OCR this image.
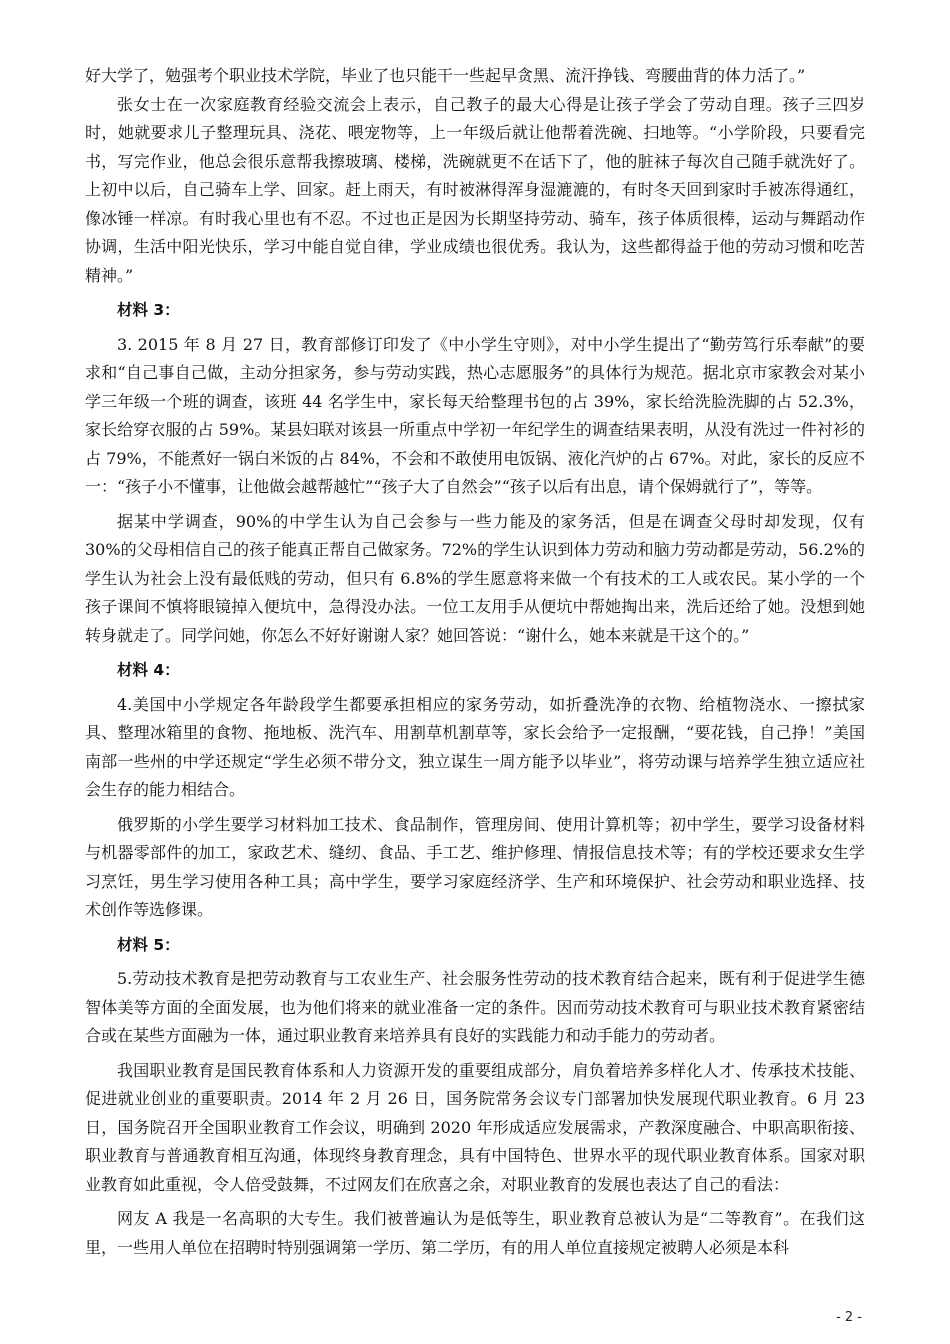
好大学了，勉强考个职业技术学院，毕业了也只能干一些起早贪黑、流汗挣钱、弯腰曲背的体力活了。”

张女士在一次家庭教育经验交流会上表示，自己教子的最大心得是让孩子学会了劳动自理。孩子三四岁时，她就要求儿子整理玩具、浇花、喂宠物等，上一年级后就让他帮着洗碗、扫地等。“小学阶段，只要看完书，写完作业，他总会很乐意帮我擦玻璃、楼梯，洗碗就更不在话下了，他的脏袜子每次自己随手就洗好了。上初中以后，自己骑车上学、回家。赶上雨天，有时被淋得浑身湿漉漉的，有时冬天回到家时手被冻得通红，像冰锤一样凉。有时我心里也有不忍。不过也正是因为长期坚持劳动、骑车，孩子体质很棒，运动与舞蹈动作协调，生活中阳光快乐，学习中能自觉自律，学业成绩也很优秀。我认为，这些都得益于他的劳动习惯和吃苦精神。”

材料 3：

3. 2015 年 8 月 27 日，教育部修订印发了《中小学生守则》，对中小学生提出了“勤劳笃行乐奉献”的要求和“自己事自己做，主动分担家务，参与劳动实践，热心志愿服务”的具体行为规范。据北京市家教会对某小学三年级一个班的调查，该班 44 名学生中，家长每天给整理书包的占 39%，家长给洗脸洗脚的占 52.3%，家长给穿衣服的占 59%。某县妇联对该县一所重点中学初一年纪学生的调查结果表明，从没有洗过一件衬衫的占 79%，不能煮好一锅白米饭的占 84%，不会和不敢使用电饭锅、液化汽炉的占 67%。对此，家长的反应不一：“孩子小不懂事，让他做会越帮越忙”“孩子大了自然会”“孩子以后有出息，请个保姆就行了”，等等。

据某中学调查，90%的中学生认为自己会参与一些力能及的家务活，但是在调查父母时却发现，仅有 30%的父母相信自己的孩子能真正帮自己做家务。72%的学生认识到体力劳动和脑力劳动都是劳动，56.2%的学生认为社会上没有最低贱的劳动，但只有 6.8%的学生愿意将来做一个有技术的工人或农民。某小学的一个孩子课间不慎将眼镜掉入便坑中，急得没办法。一位工友用手从便坑中帮她掏出来，洗后还给了她。没想到她转身就走了。同学问她，你怎么不好好谢谢人家？她回答说：“谢什么，她本来就是干这个的。”

材料 4：

4.美国中小学规定各年龄段学生都要承担相应的家务劳动，如折叠洗净的衣物、给植物浇水、一擦拭家具、整理冰箱里的食物、拖地板、洗汽车、用割草机割草等，家长会给予一定报酬，“要花钱，自己挣！”美国南部一些州的中学还规定“学生必须不带分文，独立谋生一周方能予以毕业”，将劳动课与培养学生独立适应社会生存的能力相结合。

俄罗斯的小学生要学习材料加工技术、食品制作，管理房间、使用计算机等；初中学生，要学习设备材料与机器零部件的加工，家政艺术、缝纫、食品、手工艺、维护修理、情报信息技术等；有的学校还要求女生学习烹饪，男生学习使用各种工具；高中学生，要学习家庭经济学、生产和环境保护、社会劳动和职业选择、技术创作等选修课。

材料 5：

5.劳动技术教育是把劳动教育与工农业生产、社会服务性劳动的技术教育结合起来，既有利于促进学生德智体美等方面的全面发展，也为他们将来的就业准备一定的条件。因而劳动技术教育可与职业技术教育紧密结合或在某些方面融为一体，通过职业教育来培养具有良好的实践能力和动手能力的劳动者。

我国职业教育是国民教育体系和人力资源开发的重要组成部分，肩负着培养多样化人才、传承技术技能、促进就业创业的重要职责。2014 年 2 月 26 日，国务院常务会议专门部署加快发展现代职业教育。6 月 23 日，国务院召开全国职业教育工作会议，明确到 2020 年形成适应发展需求，产教深度融合、中职高职衔接、职业教育与普通教育相互沟通，体现终身教育理念，具有中国特色、世界水平的现代职业教育体系。国家对职业教育如此重视，令人倍受鼓舞，不过网友们在欣喜之余，对职业教育的发展也表达了自己的看法：

网友 A 我是一名高职的大专生。我们被普遍认为是低等生，职业教育总被认为是“二等教育”。在我们这里，一些用人单位在招聘时特别强调第一学历、第二学历，有的用人单位直接规定被聘人必须是本科

- 2 -
